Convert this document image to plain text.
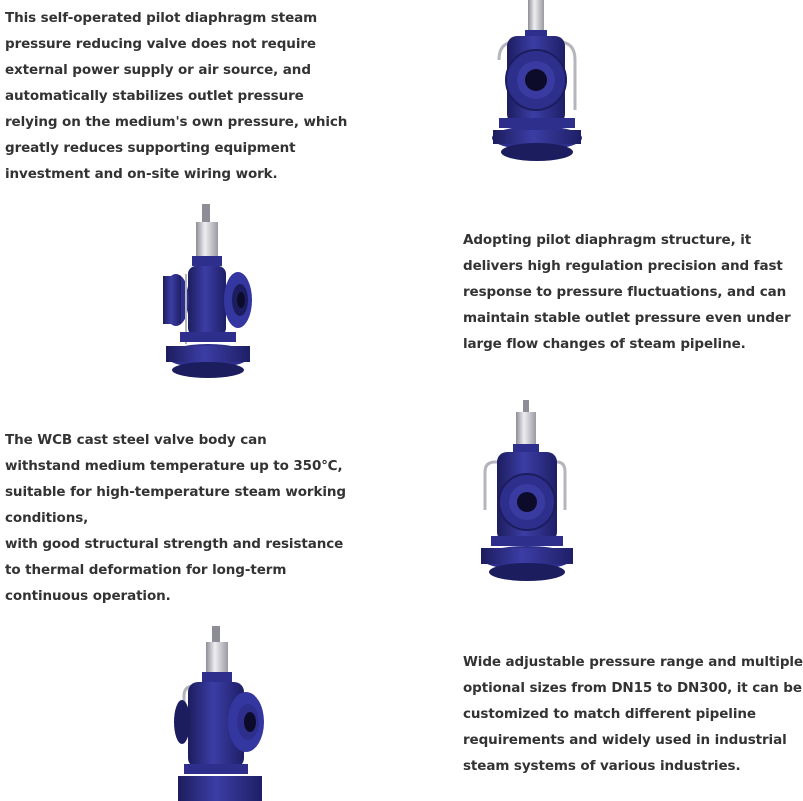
This self-operated pilot diaphragm steam
pressure reducing valve does not require
external power supply or air source, and
automatically stabilizes outlet pressure
relying on the medium's own pressure, which
greatly reduces supporting equipment
investment and on-site wiring work.
Adopting pilot diaphragm structure, it
delivers high regulation precision and fast
response to pressure fluctuations, and can
maintain stable outlet pressure even under
large flow changes of steam pipeline.
The WCB cast steel valve body can
withstand medium temperature up to 350℃,
suitable for high-temperature steam working
conditions,
with good structural strength and resistance
to thermal deformation for long-term
continuous operation.
Wide adjustable pressure range and multiple
optional sizes from DN15 to DN300, it can be
customized to match different pipeline
requirements and widely used in industrial
steam systems of various industries.
